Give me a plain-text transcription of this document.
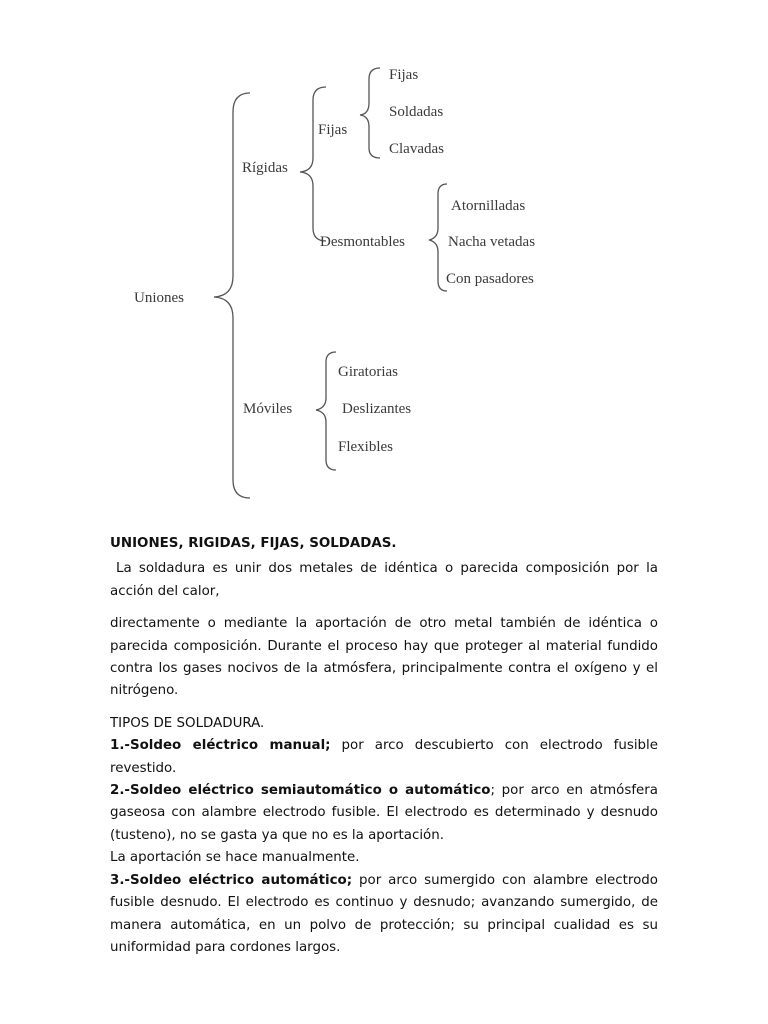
Uniones
Rígidas
Fijas
Fijas
Soldadas
Clavadas
Desmontables
Atornilladas
Nacha vetadas
Con pasadores
Móviles
Giratorias
Deslizantes
Flexibles

UNIONES, RIGIDAS, FIJAS, SOLDADAS.

La soldadura es unir dos metales de idéntica o parecida composición por la acción del calor,

directamente o mediante la aportación de otro metal también de idéntica o parecida composición. Durante el proceso hay que proteger al material fundido contra los gases nocivos de la atmósfera, principalmente contra el oxígeno y el nitrógeno.

TIPOS DE SOLDADURA.

1.-Soldeo eléctrico manual; por arco descubierto con electrodo fusible revestido.

2.-Soldeo eléctrico semiautomático o automático; por arco en atmósfera gaseosa con alambre electrodo fusible. El electrodo es determinado y desnudo (tusteno), no se gasta ya que no es la aportación.

La aportación se hace manualmente.

3.-Soldeo eléctrico automático; por arco sumergido con alambre electrodo fusible desnudo. El electrodo es continuo y desnudo; avanzando sumergido, de manera automática, en un polvo de protección; su principal cualidad es su uniformidad para cordones largos.
